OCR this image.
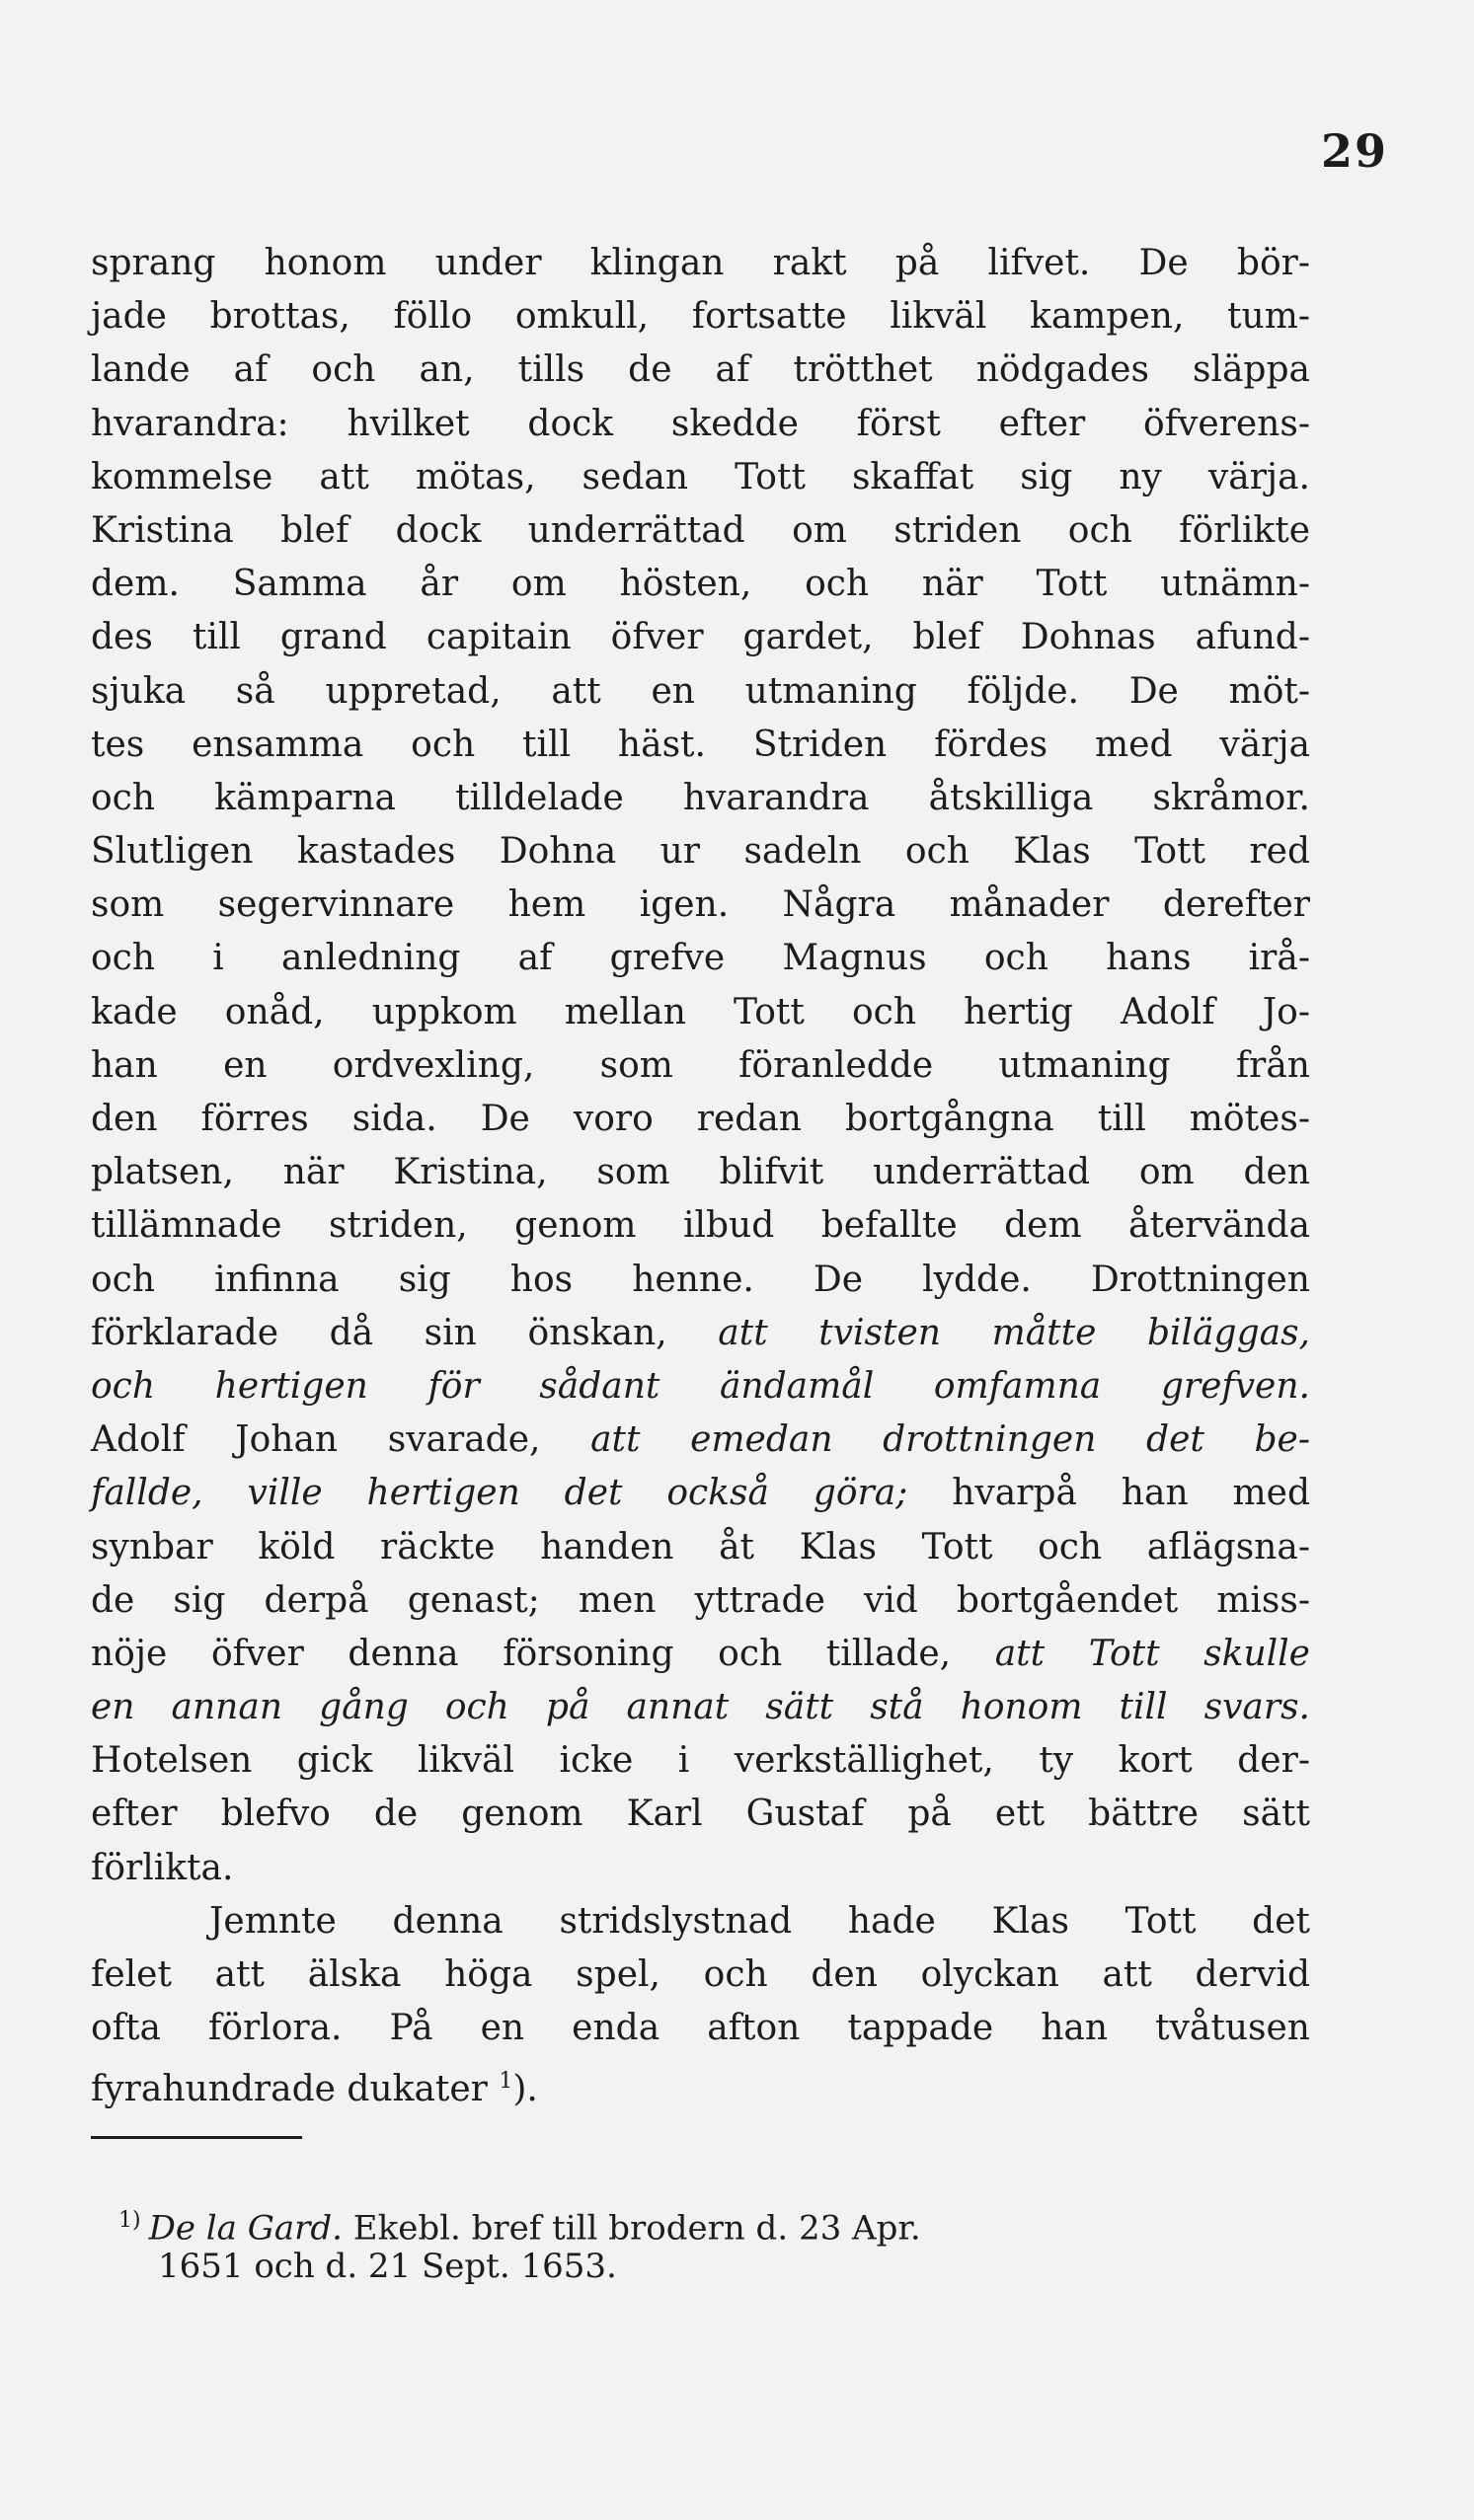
29
sprang honom under klingan rakt på lifvet. De bör-
jade brottas, föllo omkull, fortsatte likväl kampen, tum-
lande af och an, tills de af trötthet nödgades släppa
hvarandra: hvilket dock skedde först efter öfverens-
kommelse att mötas, sedan Tott skaffat sig ny värja.
Kristina blef dock underrättad om striden och förlikte
dem. Samma år om hösten, och när Tott utnämn-
des till grand capitain öfver gardet, blef Dohnas afund-
sjuka så uppretad, att en utmaning följde. De möt-
tes ensamma och till häst. Striden fördes med värja
och kämparna tilldelade hvarandra åtskilliga skråmor.
Slutligen kastades Dohna ur sadeln och Klas Tott red
som segervinnare hem igen. Några månader derefter
och i anledning af grefve Magnus och hans irå-
kade onåd, uppkom mellan Tott och hertig Adolf Jo-
han en ordvexling, som föranledde utmaning från
den förres sida. De voro redan bortgångna till mötes-
platsen, när Kristina, som blifvit underrättad om den
tillämnade striden, genom ilbud befallte dem återvända
och infinna sig hos henne. De lydde. Drottningen
förklarade då sin önskan, att tvisten måtte biläggas,
och hertigen för sådant ändamål omfamna grefven.
Adolf Johan svarade, att emedan drottningen det be-
fallde, ville hertigen det också göra; hvarpå han med
synbar köld räckte handen åt Klas Tott och aflägsna-
de sig derpå genast; men yttrade vid bortgåendet miss-
nöje öfver denna försoning och tillade, att Tott skulle
en annan gång och på annat sätt stå honom till svars.
Hotelsen gick likväl icke i verkställighet, ty kort der-
efter blefvo de genom Karl Gustaf på ett bättre sätt
förlikta.
Jemnte denna stridslystnad hade Klas Tott det
felet att älska höga spel, och den olyckan att dervid
ofta förlora. På en enda afton tappade han tvåtusen
fyrahundrade dukater $^1$).
$^{1)}$ De la Gard. Ekebl. bref till brodern d. 23 Apr.
1651 och d. 21 Sept. 1653.
